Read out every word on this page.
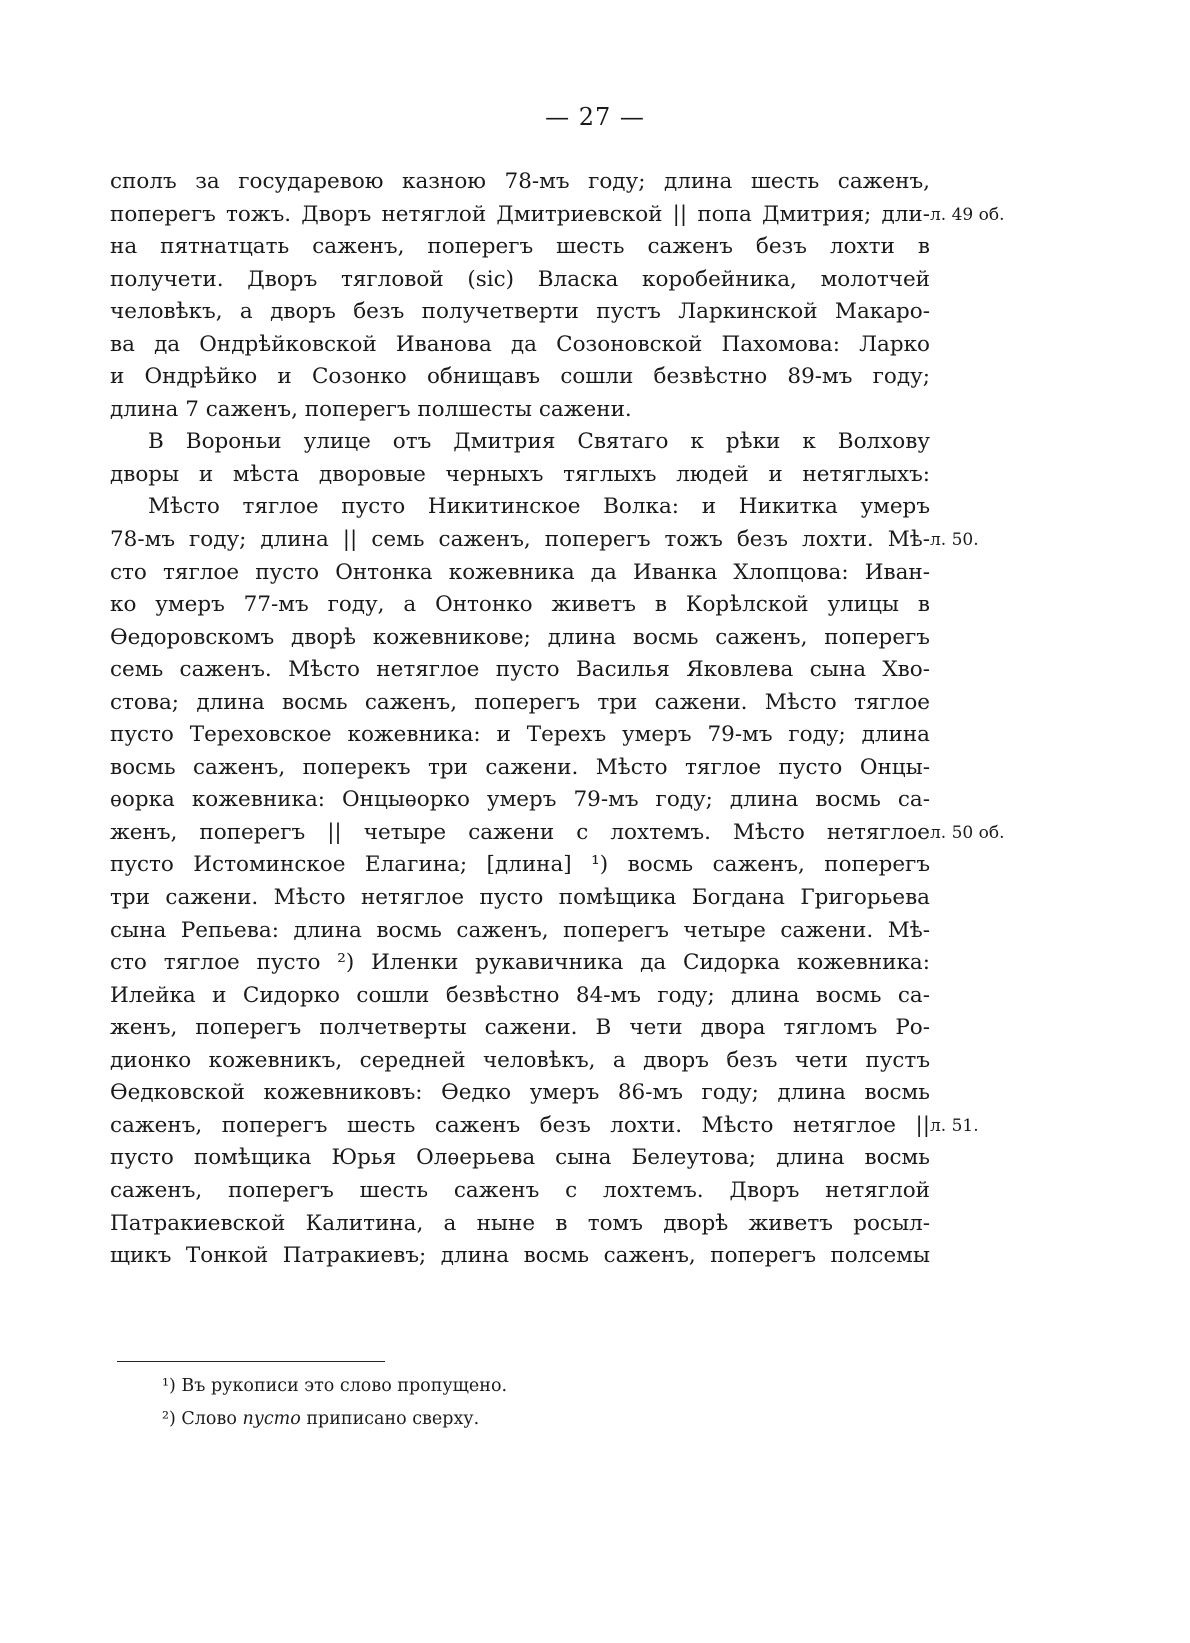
— 27 —
сполъ за государевою казною 78-мъ году; длина шесть саженъ,
поперегъ тожъ. Дворъ нетяглой Дмитриевской || попа Дмитрия; дли-
на пятнатцать саженъ, поперегъ шесть саженъ безъ лохти в
получети. Дворъ тягловой (sic) Власка коробейника, молотчей
человѣкъ, а дворъ безъ получетверти пустъ Ларкинской Макаро-
ва да Ондрѣйковской Иванова да Созоновской Пахомова: Ларко
и Ондрѣйко и Созонко обнищавъ сошли безвѣстно 89-мъ году;
длина 7 саженъ, поперегъ полшесты сажени.
В Вороньи улице отъ Дмитрия Святаго к рѣки к Волхову
дворы и мѣста дворовые черныхъ тяглыхъ людей и нетяглыхъ:
Мѣсто тяглое пусто Никитинское Волка: и Никитка умеръ
78-мъ году; длина || семь саженъ, поперегъ тожъ безъ лохти. Мѣ-
сто тяглое пусто Онтонка кожевника да Иванка Хлопцова: Иван-
ко умеръ 77-мъ году, а Онтонко живетъ в Корѣлской улицы в
Ѳедоровскомъ дворѣ кожевникове; длина восмь саженъ, поперегъ
семь саженъ. Мѣсто нетяглое пусто Василья Яковлева сына Хво-
стова; длина восмь саженъ, поперегъ три сажени. Мѣсто тяглое
пусто Тереховское кожевника: и Терехъ умеръ 79-мъ году; длина
восмь саженъ, поперекъ три сажени. Мѣсто тяглое пусто Онцы-
ѳорка кожевника: Онцыѳорко умеръ 79-мъ году; длина восмь са-
женъ, поперегъ || четыре сажени с лохтемъ. Мѣсто нетяглое
пусто Истоминское Елагина; [длина] ¹) восмь саженъ, поперегъ
три сажени. Мѣсто нетяглое пусто помѣщика Богдана Григорьева
сына Репьева: длина восмь саженъ, поперегъ четыре сажени. Мѣ-
сто тяглое пусто ²) Иленки рукавичника да Сидорка кожевника:
Илейка и Сидорко сошли безвѣстно 84-мъ году; длина восмь са-
женъ, поперегъ полчетверты сажени. В чети двора тягломъ Ро-
дионко кожевникъ, середней человѣкъ, а дворъ безъ чети пустъ
Ѳедковской кожевниковъ: Ѳедко умеръ 86-мъ году; длина восмь
саженъ, поперегъ шесть саженъ безъ лохти. Мѣсто нетяглое ||
пусто помѣщика Юрья Олѳерьева сына Белеутова; длина восмь
саженъ, поперегъ шесть саженъ с лохтемъ. Дворъ нетяглой
Патракиевской Калитина, а ныне в томъ дворѣ живетъ росыл-
щикъ Тонкой Патракиевъ; длина восмь саженъ, поперегъ полсемы
л. 49 об.
л. 50.
л. 50 об.
л. 51.
¹) Въ рукописи это слово пропущено.
²) Слово пусто приписано сверху.
